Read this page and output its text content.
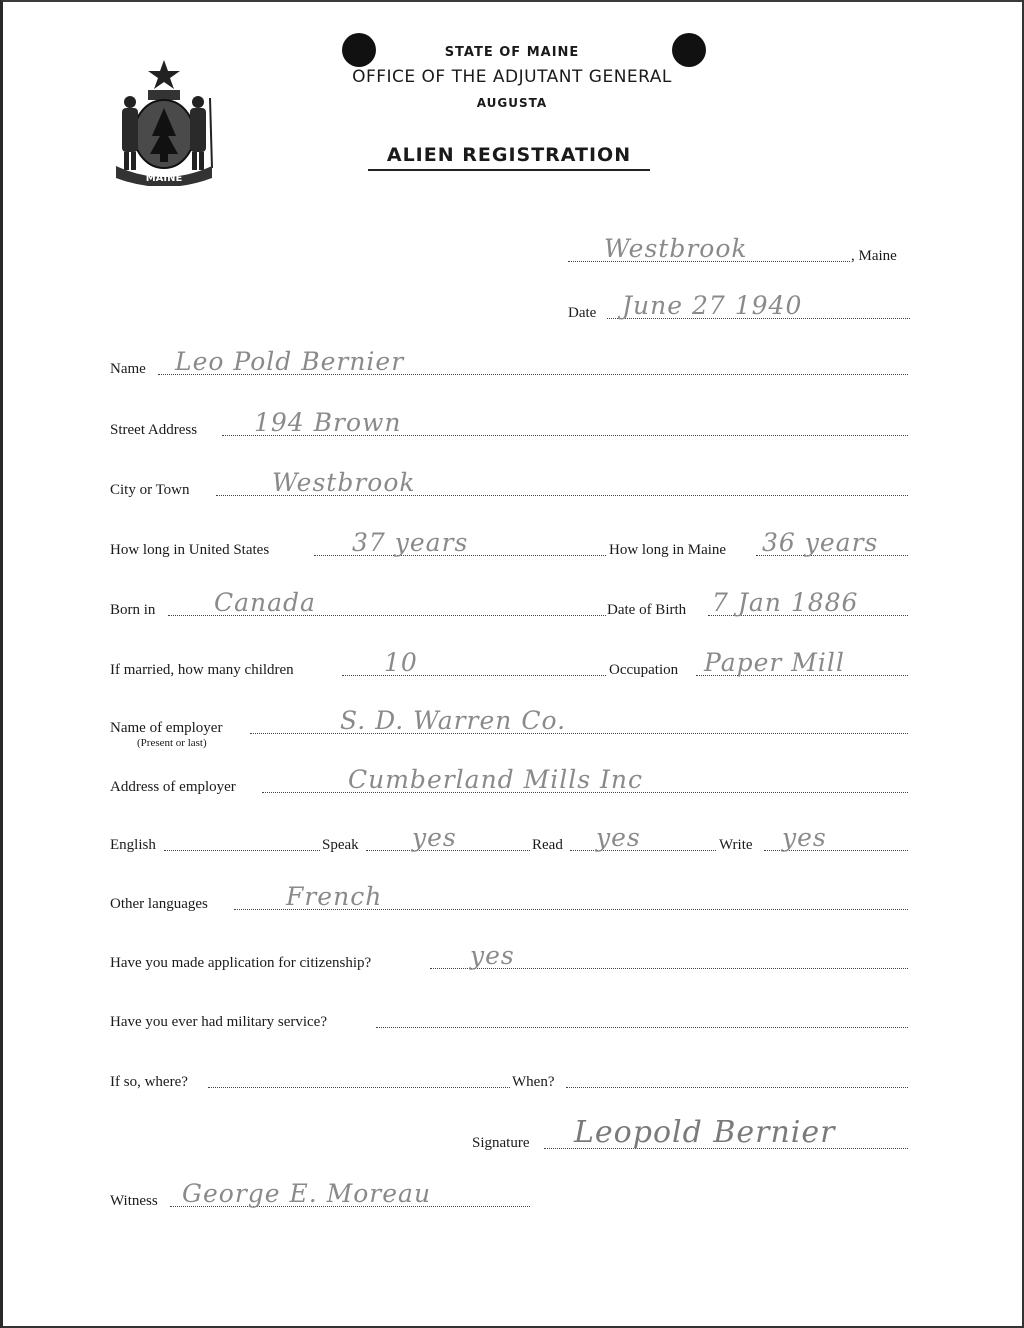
MAINE
STATE OF MAINE
OFFICE OF THE ADJUTANT GENERAL
AUGUSTA
ALIEN REGISTRATION
Westbrook	, Maine
Date June 27 1940
Name Leo Pold Bernier
Street Address 194 Brown
City or Town	Westbrook
How long in United States	37 years	How long in Maine 36 years
Born in Canada	Date of Birth 7 Jan 1886
If married, how many children	10	Occupation Paper Mill
Name of employer	S. D. Warren Co.
(Present or last)
Address of employer	Cumberland Mills Inc
English	Speak yes	Read yes	Write yes
Other languages	French
Have you made application for citizenship?	yes
Have you ever had military service?
If so, where?	When?
Signature Leopold Bernier
Witness George E. Moreau
